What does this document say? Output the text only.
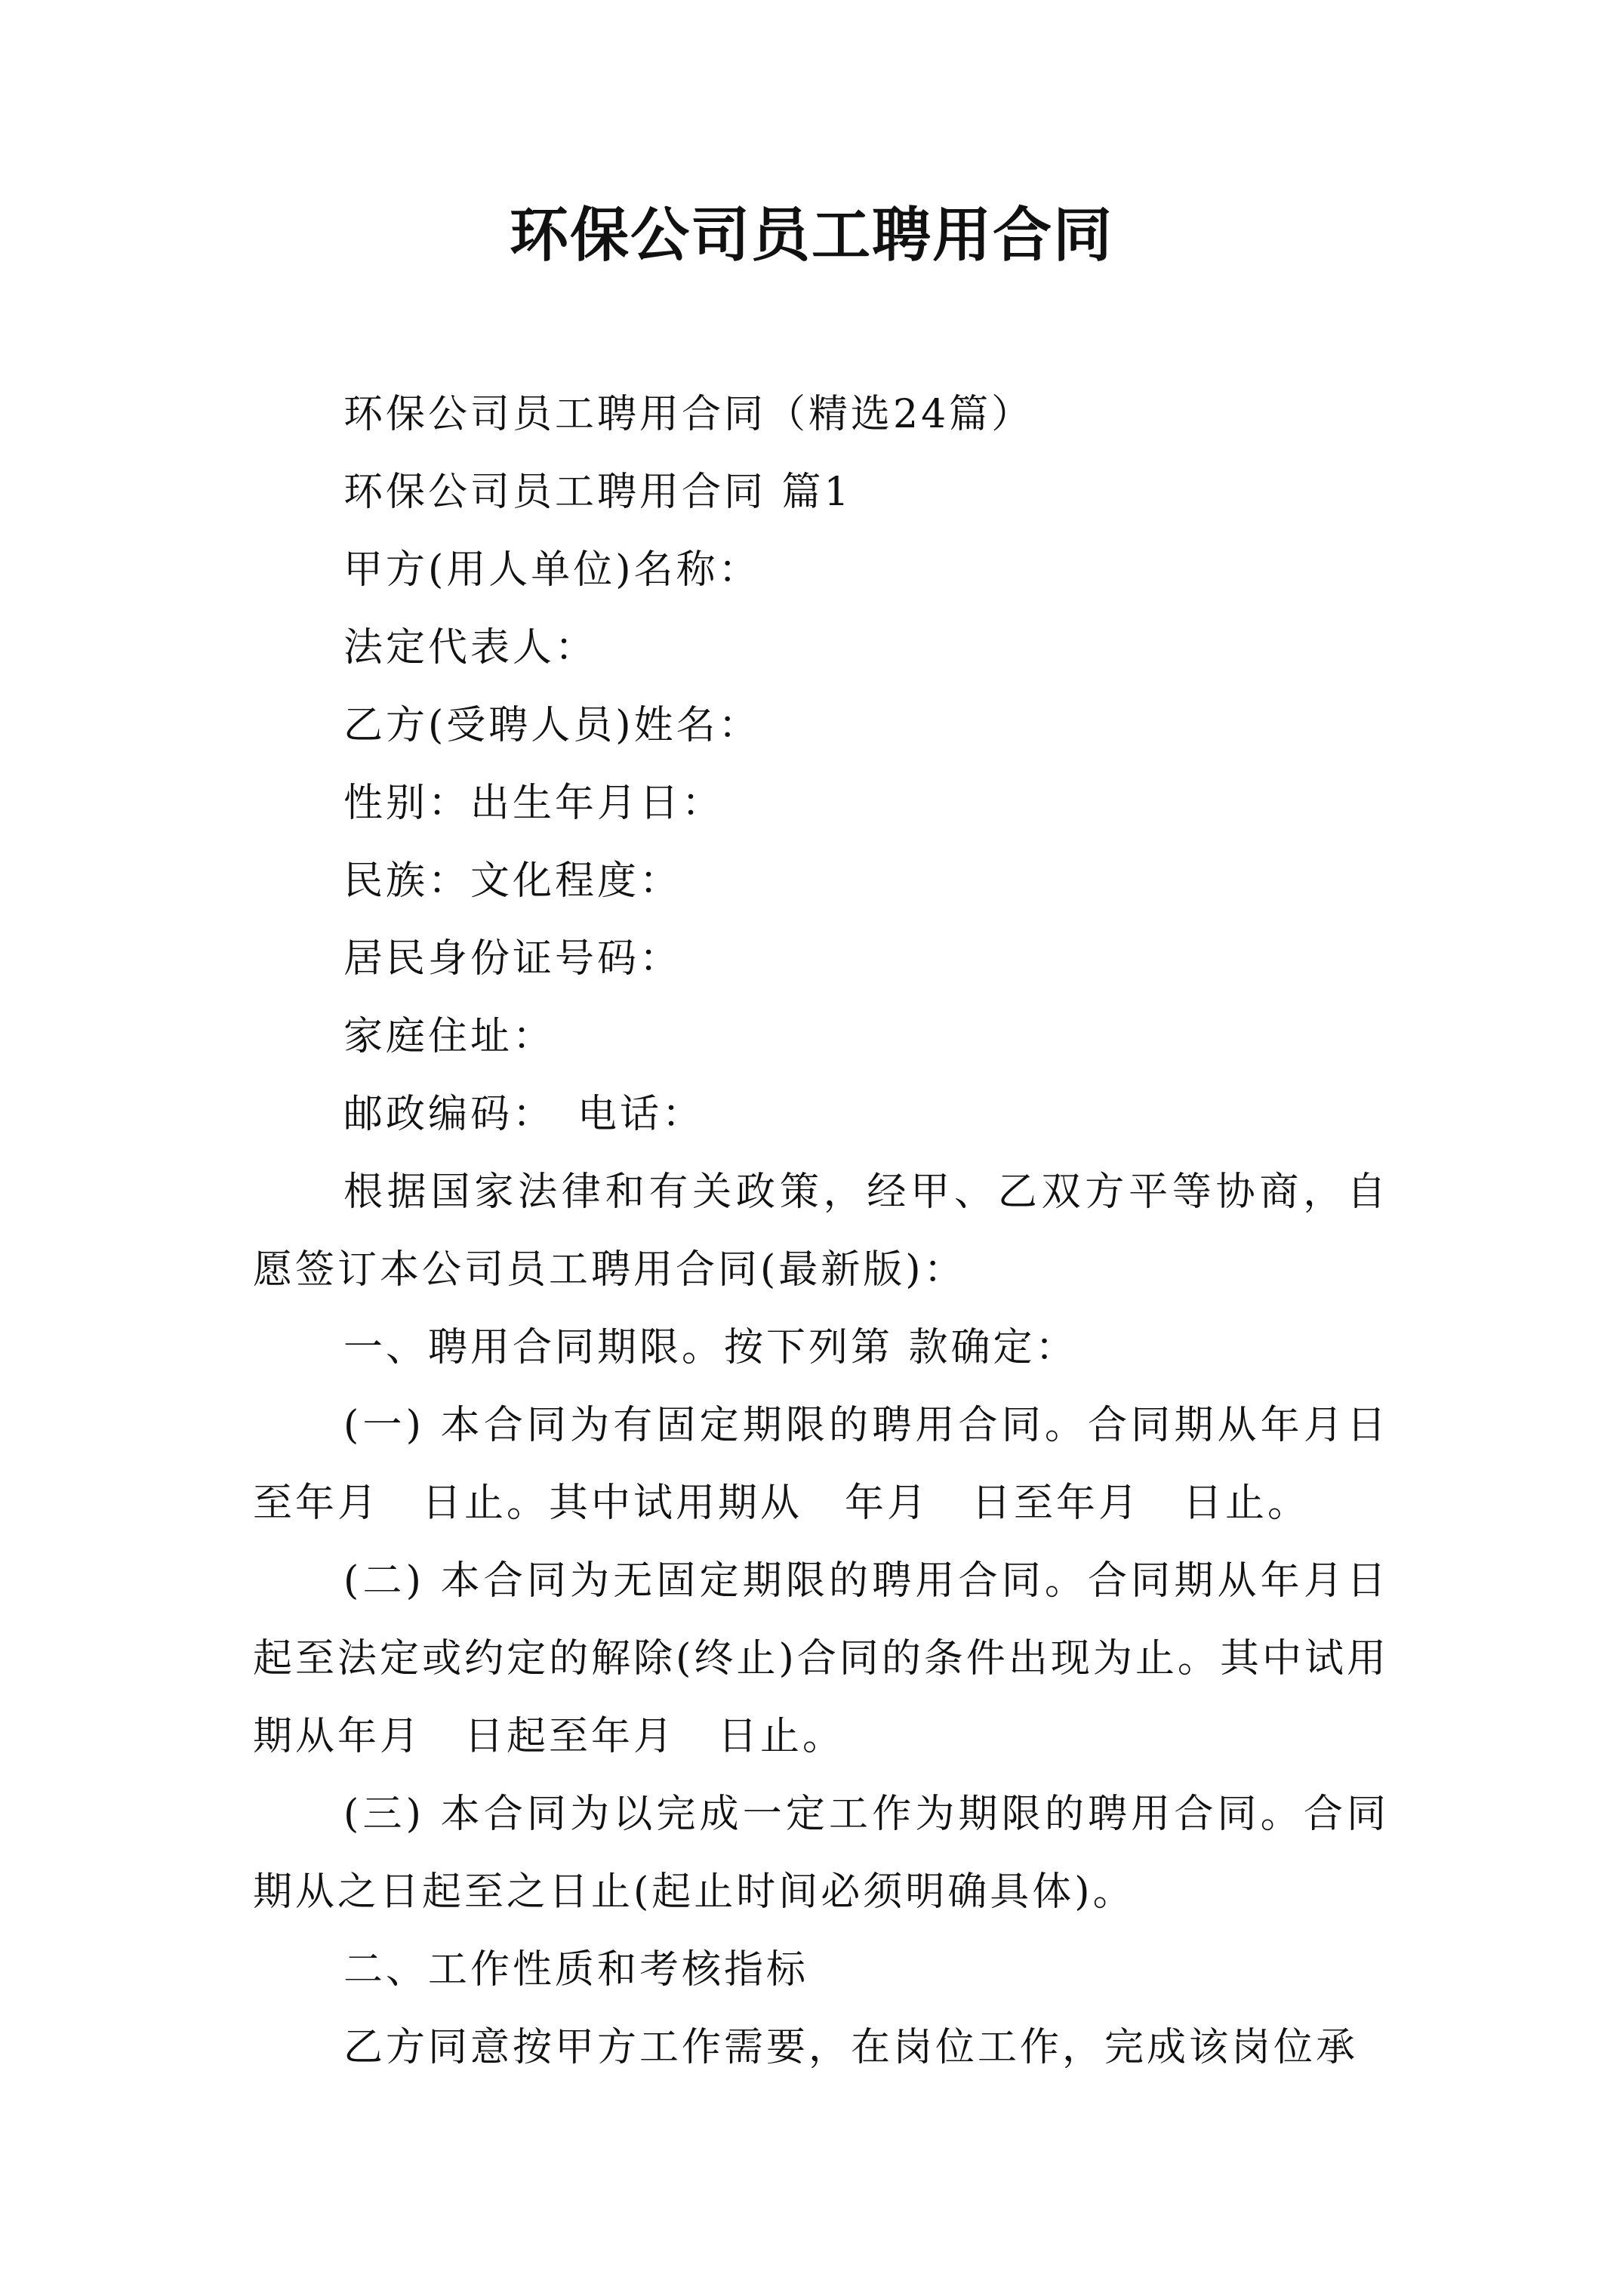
环保公司员工聘用合同

环保公司员工聘用合同（精选24篇）

环保公司员工聘用合同 篇1

甲方(用人单位)名称：

法定代表人：

乙方(受聘人员)姓名：

性别：出生年月日：

民族：文化程度：

居民身份证号码：

家庭住址：

邮政编码：　电话：

根据国家法律和有关政策，经甲、乙双方平等协商，自愿签订本公司员工聘用合同(最新版)：

一、聘用合同期限。按下列第 款确定：

(一) 本合同为有固定期限的聘用合同。合同期从年月日至年月　日止。其中试用期从　年月　日至年月　日止。

(二) 本合同为无固定期限的聘用合同。合同期从年月日起至法定或约定的解除(终止)合同的条件出现为止。其中试用期从年月　日起至年月　日止。

(三) 本合同为以完成一定工作为期限的聘用合同。合同期从之日起至之日止(起止时间必须明确具体)。

二、工作性质和考核指标

乙方同意按甲方工作需要，在岗位工作，完成该岗位承
